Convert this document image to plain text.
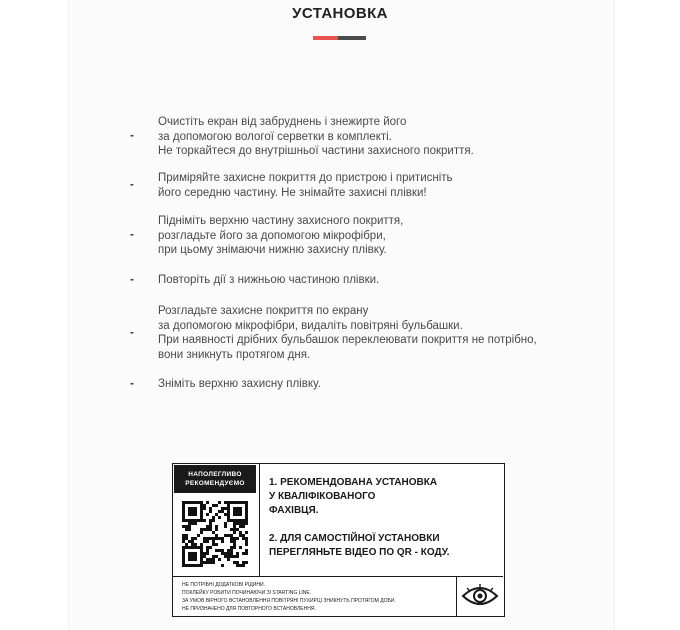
УСТАНОВКА
-
Очистіть екран від забруднень і знежирте його
за допомогою вологої серветки в комплекті.
Не торкайтеся до внутрішньої частини захисного покриття.
-
Приміряйте захисне покриття до пристрою і притисніть
його середню частину. Не знімайте захисні плівки!
-
Підніміть верхню частину захисного покриття,
розгладьте його за допомогою мікрофібри,
при цьому знімаючи нижню захисну плівку.
- Повторіть дії з нижньою частиною плівки.
-
Розгладьте захисне покриття по екрану
за допомогою мікрофібри, видаліть повітряні бульбашки.
При наявності дрібних бульбашок переклеювати покриття не потрібно,
вони зникнуть протягом дня.
- Зніміть верхню захисну плівку.
НАПОЛЕГЛИВО
РЕКОМЕНДУЄМО	1. РЕКОМЕНДОВАНА УСТАНОВКА
У КВАЛІФІКОВАНОГО
ФАХІВЦЯ.
2. ДЛЯ САМОСТІЙНОЇ УСТАНОВКИ
ПЕРЕГЛЯНЬТЕ ВІДЕО ПО QR - КОДУ.
НЕ ПОТРІБНІ ДОДАТКОВІ РІДИНИ.
ПОКЛЕЙКУ РОБИТИ ПОЧИНАЮЧИ ЗІ STARTING LINE.
ЗА УМОВ ВІРНОГО ВСТАНОВЛЕННЯ ПОВІТРЯНІ ПУХИРЦІ ЗНИКНУТЬ ПРОТЯГОМ ДОБИ.
НЕ ПРИЗНАЧЕНО ДЛЯ ПОВТОРНОГО ВСТАНОВЛЕННЯ.
